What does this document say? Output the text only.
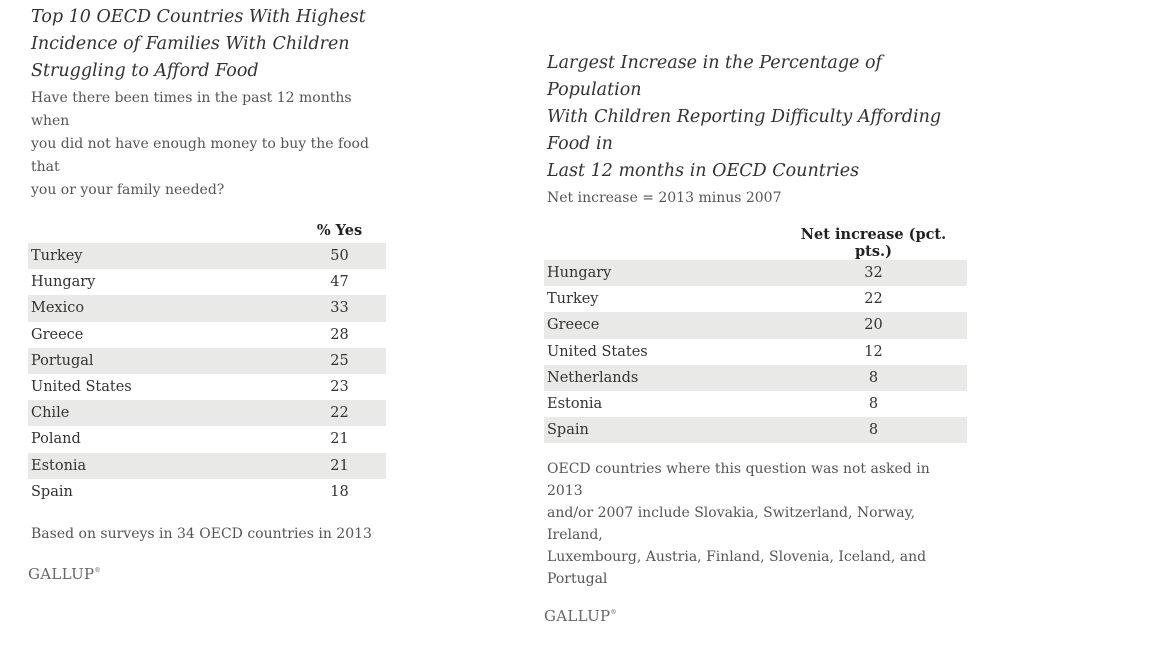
Top 10 OECD Countries With Highest
Incidence of Families With Children
Struggling to Afford Food
Have there been times in the past 12 months when
you did not have enough money to buy the food that
you or your family needed?
	% Yes
Turkey	50
Hungary	47
Mexico	33
Greece	28
Portugal	25
United States	23
Chile	22
Poland	21
Estonia	21
Spain	18
Based on surveys in 34 OECD countries in 2013
GALLUP®
Largest Increase in the Percentage of Population
With Children Reporting Difficulty Affording Food in
Last 12 months in OECD Countries
Net increase = 2013 minus 2007
	Net increase (pct. pts.)
Hungary	32
Turkey	22
Greece	20
United States	12
Netherlands	8
Estonia	8
Spain	8
OECD countries where this question was not asked in 2013
and/or 2007 include Slovakia, Switzerland, Norway, Ireland,
Luxembourg, Austria, Finland, Slovenia, Iceland, and
Portugal
GALLUP®
